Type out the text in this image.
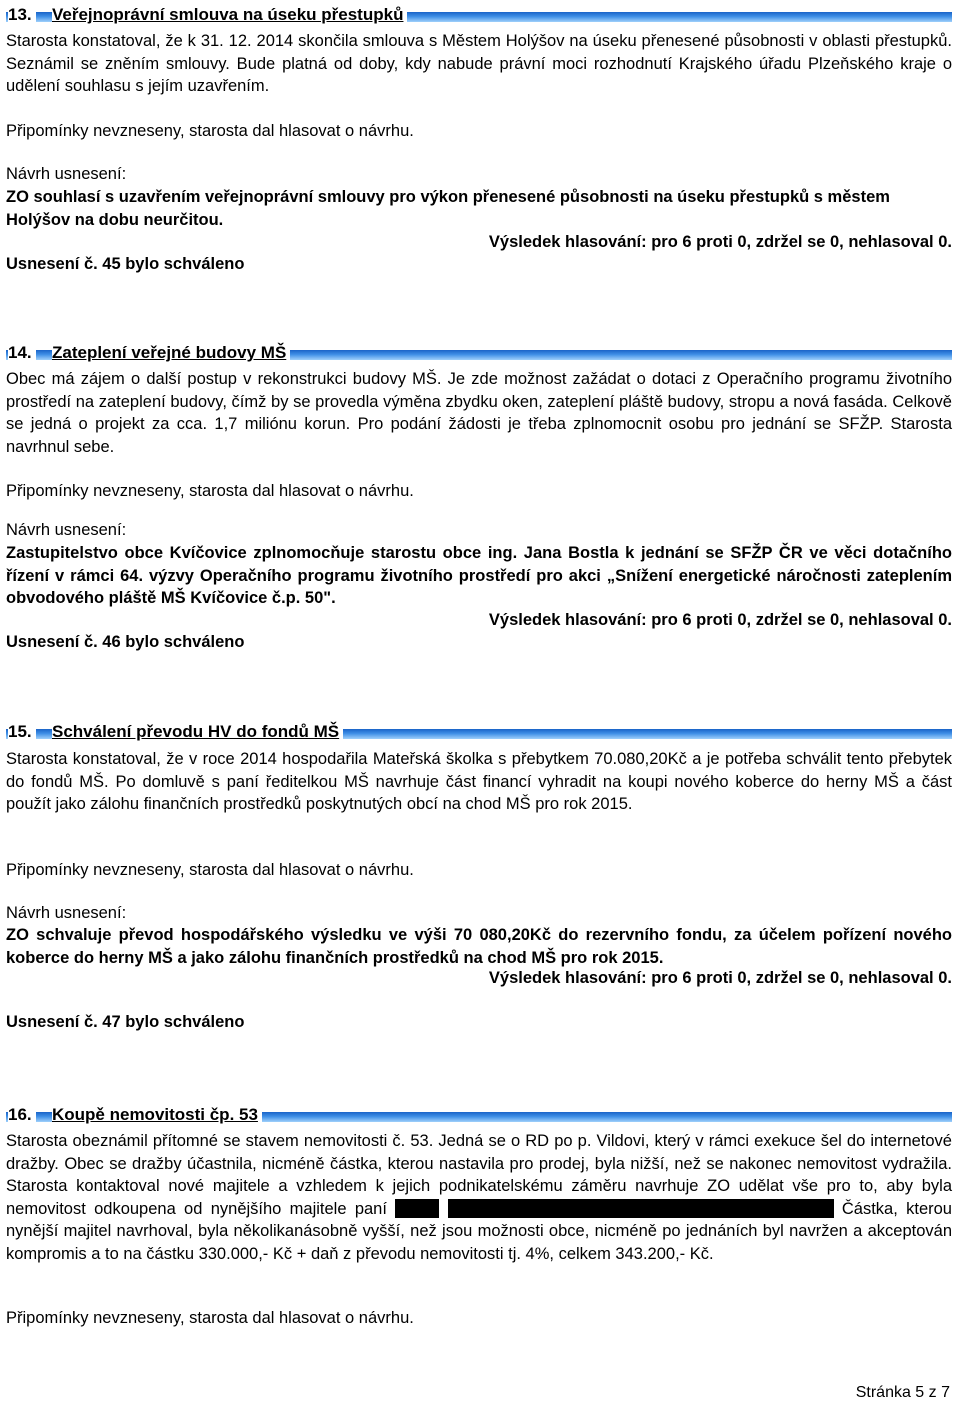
13. Veřejnoprávní smlouva na úseku přestupků
Starosta konstatoval, že k 31. 12. 2014 skončila smlouva s Městem Holýšov na úseku přenesené působnosti v oblasti přestupků. Seznámil se zněním smlouvy. Bude platná od doby, kdy nabude právní moci rozhodnutí Krajského úřadu Plzeňského kraje o udělení souhlasu s jejím uzavřením.
Připomínky nevzneseny, starosta dal hlasovat o návrhu.
Návrh usnesení:
ZO souhlasí s uzavřením veřejnoprávní smlouvy pro výkon přenesené působnosti na úseku přestupků s městem Holýšov na dobu neurčitou.
Výsledek hlasování: pro 6 proti 0, zdržel se 0, nehlasoval 0.
Usnesení č. 45 bylo schváleno
14. Zateplení veřejné budovy MŠ
Obec má zájem o další postup v rekonstrukci budovy MŠ. Je zde možnost zažádat o dotaci z Operačního programu životního prostředí na zateplení budovy, čímž by se provedla výměna zbydku oken, zateplení pláště budovy, stropu a nová fasáda. Celkově se jedná o projekt za cca. 1,7 miliónu korun. Pro podání žádosti je třeba zplnomocnit osobu pro jednání se SFŽP. Starosta navrhnul sebe.
Připomínky nevzneseny, starosta dal hlasovat o návrhu.
Návrh usnesení:
Zastupitelstvo obce Kvíčovice zplnomocňuje starostu obce ing. Jana Bostla k jednání se SFŽP ČR ve věci dotačního řízení v rámci 64. výzvy Operačního programu životního prostředí pro akci „Snížení energetické náročnosti zateplením obvodového pláště MŠ Kvíčovice č.p. 50".
Výsledek hlasování: pro 6 proti 0, zdržel se 0, nehlasoval 0.
Usnesení č. 46 bylo schváleno
15. Schválení převodu HV do fondů MŠ
Starosta konstatoval, že v roce 2014 hospodařila Mateřská školka s přebytkem 70.080,20Kč a je potřeba schválit tento přebytek do fondů MŠ. Po domluvě s paní ředitelkou MŠ navrhuje část financí vyhradit na koupi nového koberce do herny MŠ a část použít jako zálohu finančních prostředků poskytnutých obcí na chod MŠ pro rok 2015.
Připomínky nevzneseny, starosta dal hlasovat o návrhu.
Návrh usnesení:
ZO schvaluje převod hospodářského výsledku ve výši 70 080,20Kč do rezervního fondu, za účelem pořízení nového koberce do herny MŠ a jako zálohu finančních prostředků na chod MŠ pro rok 2015.
Výsledek hlasování: pro 6 proti 0, zdržel se 0, nehlasoval 0.
Usnesení č. 47 bylo schváleno
16. Koupě nemovitosti čp. 53
Starosta obeznámil přítomné se stavem nemovitosti č. 53. Jedná se o RD po p. Vildovi, který v rámci exekuce šel do internetové dražby. Obec se dražby účastnila, nicméně částka, kterou nastavila pro prodej, byla nižší, než se nakonec nemovitost vydražila. Starosta kontaktoval nové majitele a vzhledem k jejich podnikatelskému záměru navrhuje ZO udělat vše pro to, aby byla nemovitost odkoupena od nynějšího majitele paní	Částka, kterou nynější majitel navrhoval, byla několikanásobně vyšší, než jsou možnosti obce, nicméně po jednáních byl navržen a akceptován kompromis a to na částku 330.000,- Kč + daň z převodu nemovitosti tj. 4%, celkem 343.200,- Kč.
Připomínky nevzneseny, starosta dal hlasovat o návrhu.
Stránka 5 z 7
